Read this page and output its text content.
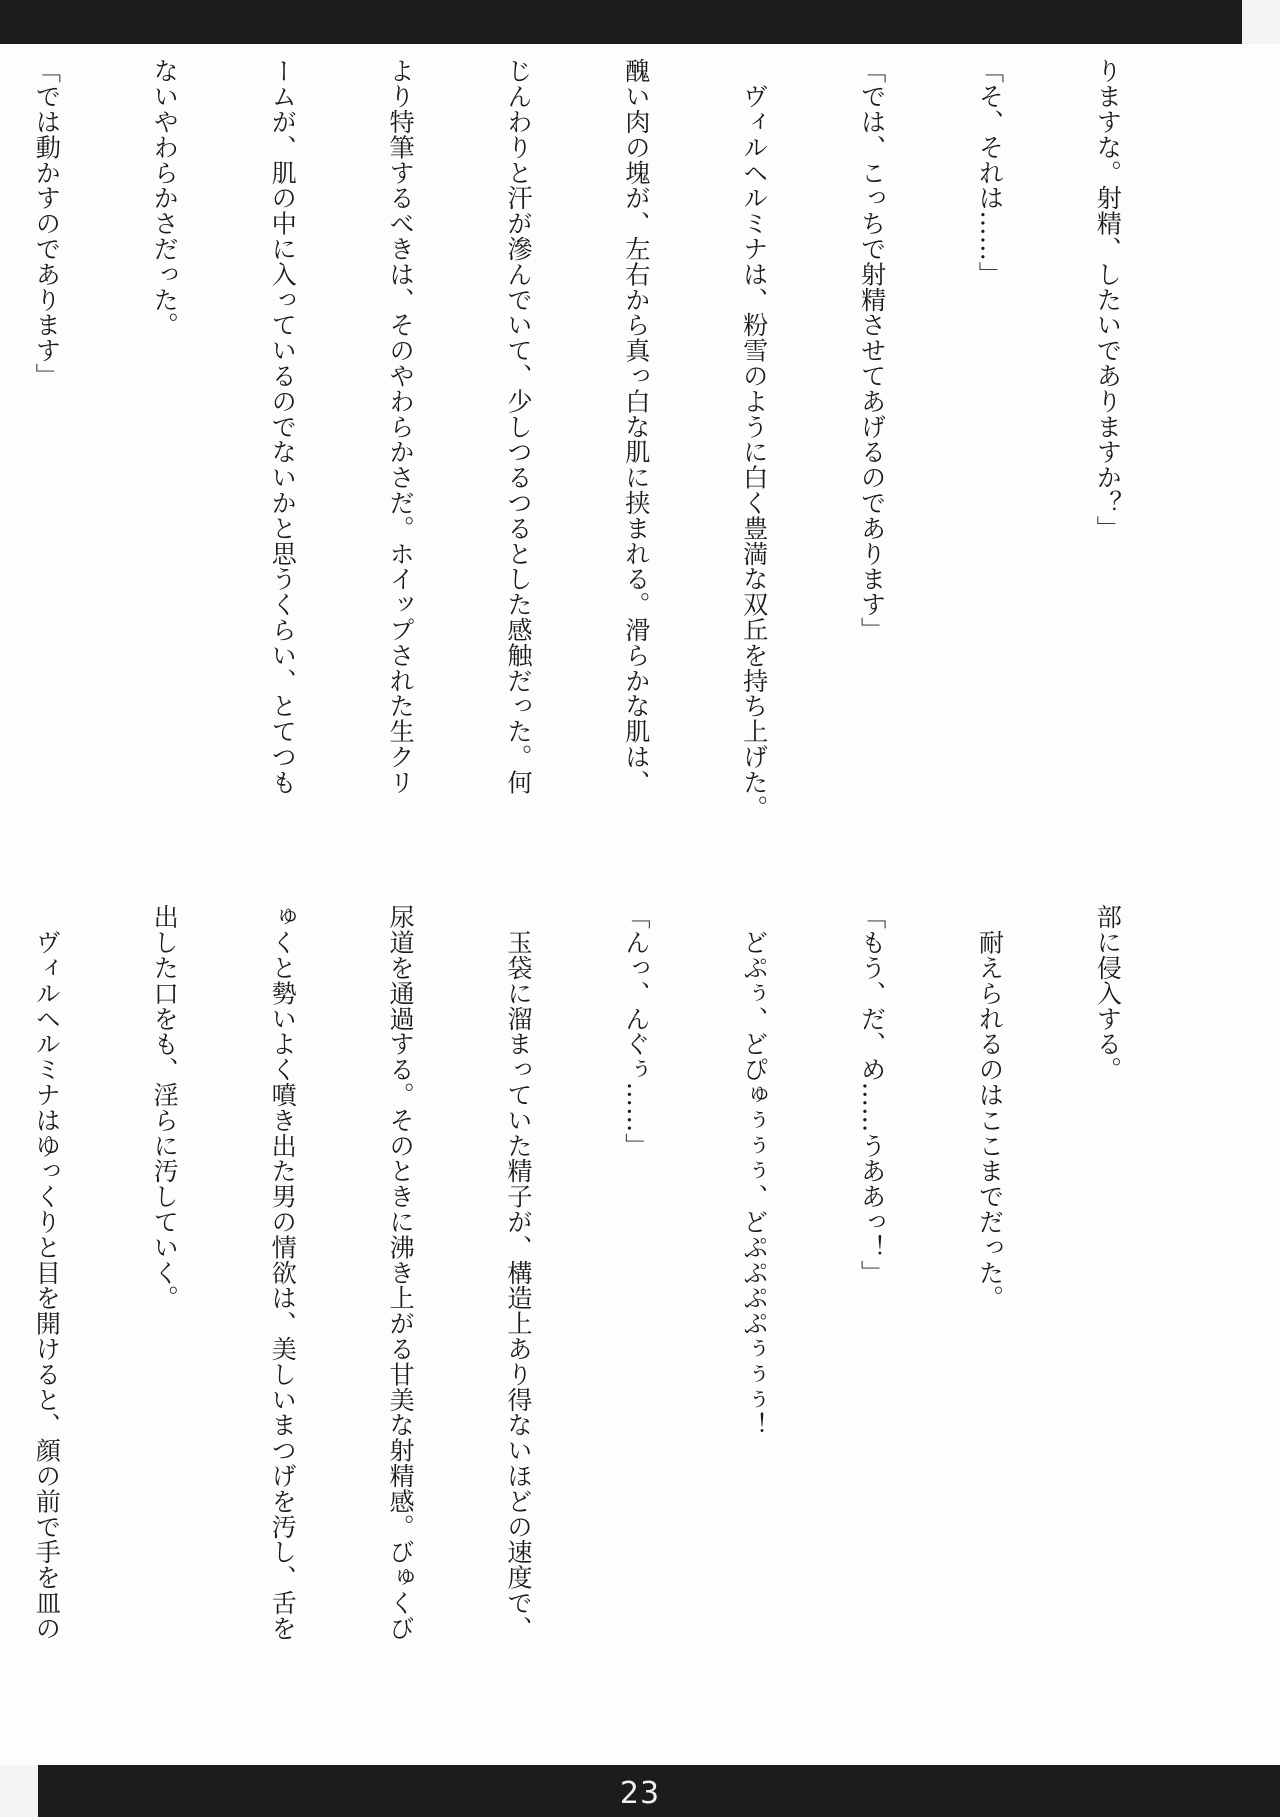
りますな。射精、したいでありますか？」

「そ、それは……」

「では、こっちで射精させてあげるのであります」

　ヴィルヘルミナは、粉雪のように白く豊満な双丘を持ち上げた。

醜い肉の塊が、左右から真っ白な肌に挟まれる。滑らかな肌は、

じんわりと汗が滲んでいて、少しつるつるとした感触だった。何

より特筆するべきは、そのやわらかさだ。ホイップされた生クリ

ームが、肌の中に入っているのでないかと思うくらい、とてつも

ないやわらかさだった。

「では動かすのであります」

部に侵入する。

　耐えられるのはここまでだった。

「もう、だ、め……うああっ！」

　どぷぅ、どぴゅぅぅぅ、どぷぷぷぷぅぅぅ！

「んっ、んぐぅ……」

　玉袋に溜まっていた精子が、構造上あり得ないほどの速度で、

尿道を通過する。そのときに沸き上がる甘美な射精感。びゅくび

ゅくと勢いよく噴き出た男の情欲は、美しいまつげを汚し、舌を

出した口をも、淫らに汚していく。

　ヴィルヘルミナはゆっくりと目を開けると、顔の前で手を皿の

23
